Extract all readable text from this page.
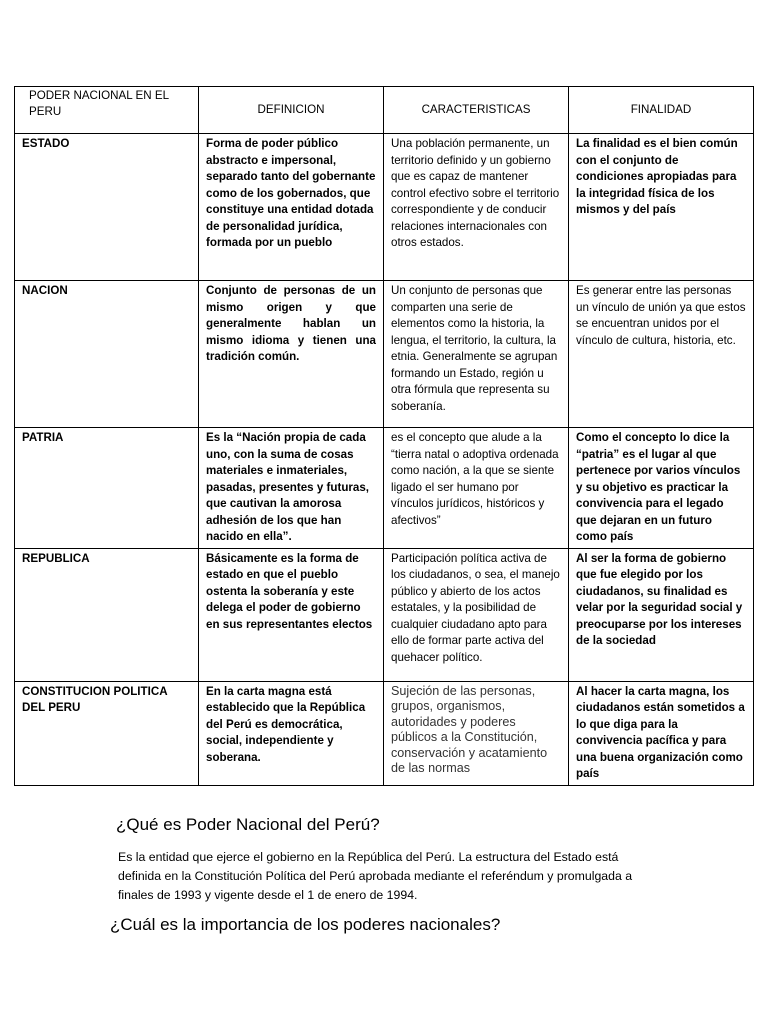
PODER NACIONAL EN EL PERU	DEFINICION	CARACTERISTICAS	FINALIDAD
ESTADO	Forma de poder público abstracto e impersonal, separado tanto del gobernante como de los gobernados, que constituye una entidad dotada de personalidad jurídica, formada por un pueblo	Una población permanente, un territorio definido y un gobierno que es capaz de mantener control efectivo sobre el territorio correspondiente y de conducir relaciones internacionales con otros estados.	La finalidad es el bien común con el conjunto de condiciones apropiadas para la integridad física de los mismos y del país
NACION	Conjunto de personas de un mismo origen y que generalmente hablan un mismo idioma y tienen una tradición común.	Un conjunto de personas que comparten una serie de elementos como la historia, la lengua, el territorio, la cultura, la etnia. Generalmente se agrupan formando un Estado, región u otra fórmula que representa su soberanía.	Es generar entre las personas un vínculo de unión ya que estos se encuentran unidos por el vínculo de cultura, historia, etc.
PATRIA	Es la “Nación propia de cada uno, con la suma de cosas materiales e inmateriales, pasadas, presentes y futuras, que cautivan la amorosa adhesión de los que han nacido en ella”.	es el concepto que alude a la “tierra natal o adoptiva ordenada como nación, a la que se siente ligado el ser humano por vínculos jurídicos, históricos y afectivos”	Como el concepto lo dice la “patria” es el lugar al que pertenece por varios vínculos y su objetivo es practicar la convivencia para el legado que dejaran en un futuro como país
REPUBLICA	Básicamente es la forma de estado en que el pueblo ostenta la soberanía y este delega el poder de gobierno en sus representantes electos	Participación política activa de los ciudadanos, o sea, el manejo público y abierto de los actos estatales, y la posibilidad de cualquier ciudadano apto para ello de formar parte activa del quehacer político.	Al ser la forma de gobierno que fue elegido por los ciudadanos, su finalidad es velar por la seguridad social y preocuparse por los intereses de la sociedad
CONSTITUCION POLITICA DEL PERU	En la carta magna está establecido que la República del Perú es democrática, social, independiente y soberana.	Sujeción de las personas, grupos, organismos, autoridades y poderes públicos a la Constitución, conservación y acatamiento de las normas	Al hacer la carta magna, los ciudadanos están sometidos a lo que diga para la convivencia pacífica y para una buena organización como país
¿Qué es Poder Nacional del Perú?

Es la entidad que ejerce el gobierno en la República del Perú. La estructura del Estado está definida en la Constitución Política del Perú aprobada mediante el referéndum y promulgada a finales de 1993 y vigente desde el 1 de enero de 1994.

¿Cuál es la importancia de los poderes nacionales?
